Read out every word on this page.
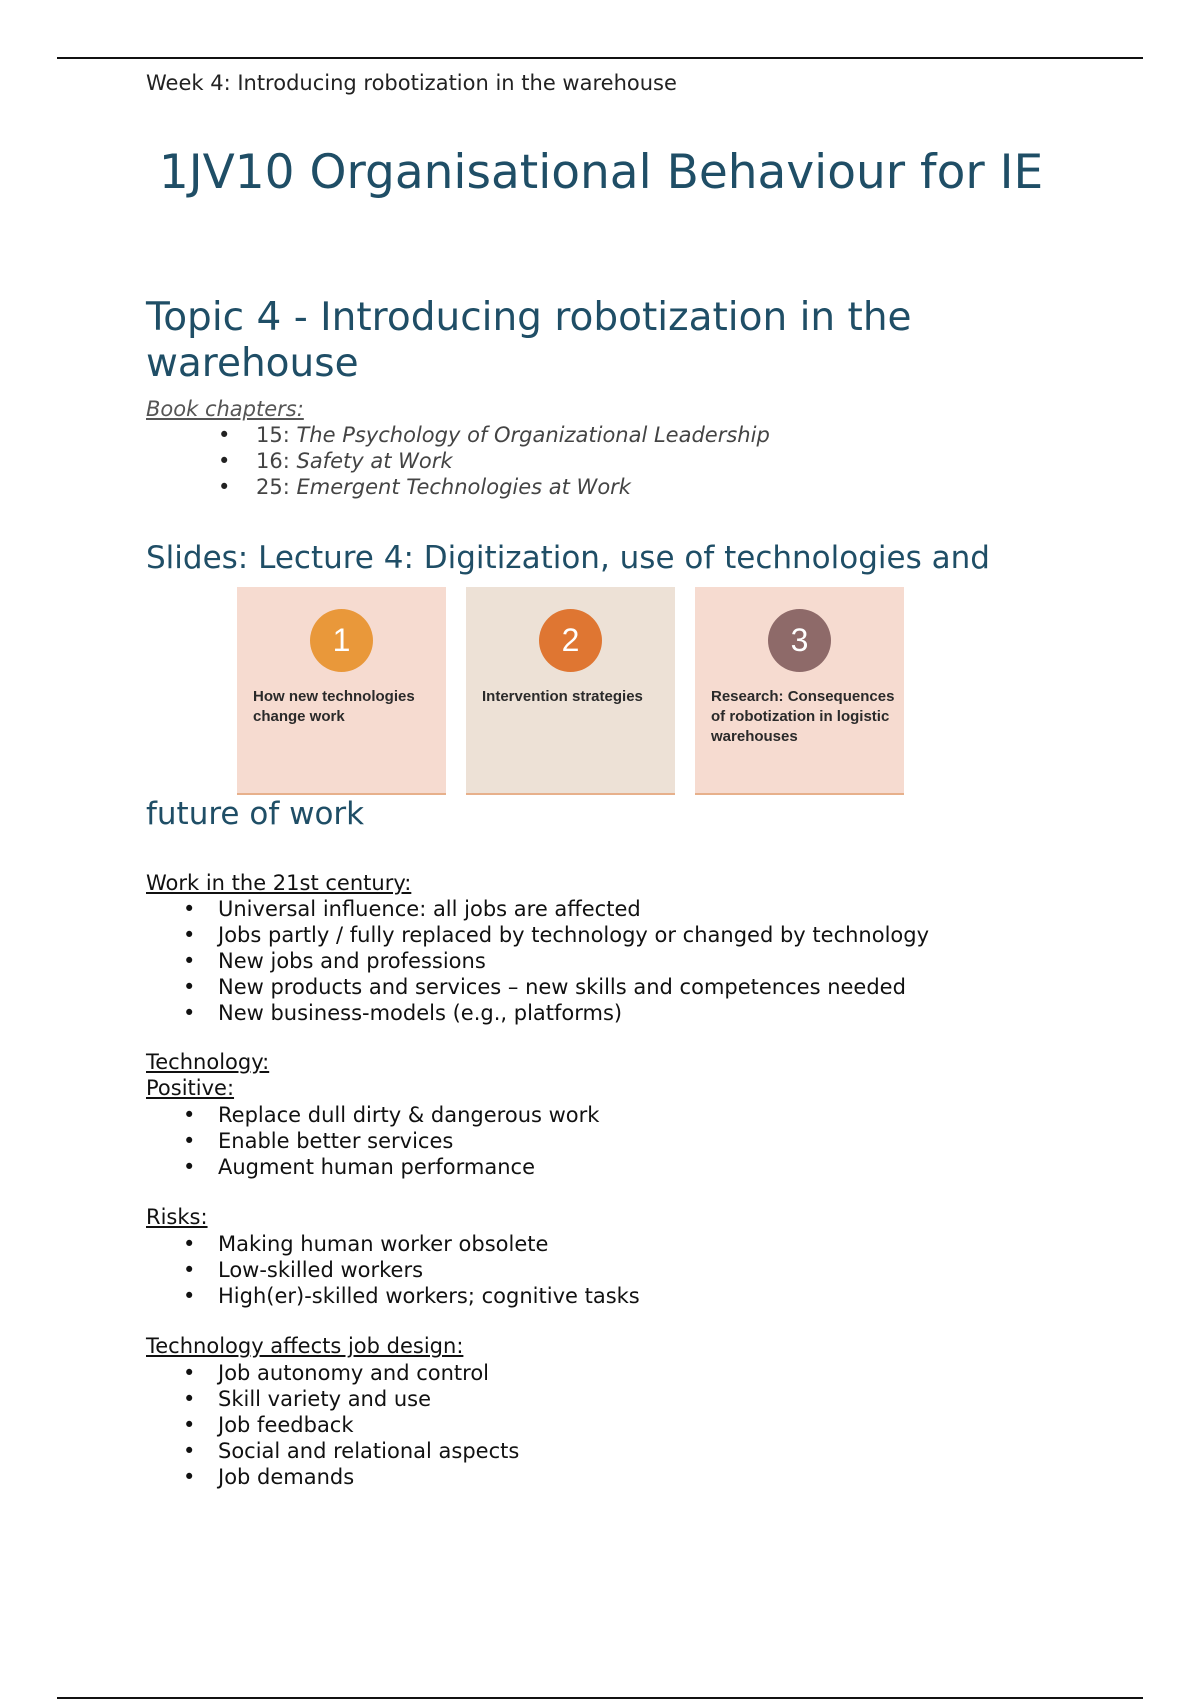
Week 4: Introducing robotization in the warehouse
1JV10 Organisational Behaviour for IE
Topic 4 - Introducing robotization in the warehouse
Book chapters:
• 15: The Psychology of Organizational Leadership
• 16: Safety at Work
• 25: Emergent Technologies at Work
Slides: Lecture 4: Digitization, use of technologies and
1
How new technologies change work
2
Intervention strategies
3
Research: Consequences of robotization in logistic warehouses
future of work
Work in the 21st century:
• Universal influence: all jobs are affected
• Jobs partly / fully replaced by technology or changed by technology
• New jobs and professions
• New products and services – new skills and competences needed
• New business-models (e.g., platforms)
Technology:
Positive:
• Replace dull dirty & dangerous work
• Enable better services
• Augment human performance
Risks:
• Making human worker obsolete
• Low-skilled workers
• High(er)-skilled workers; cognitive tasks
Technology affects job design:
• Job autonomy and control
• Skill variety and use
• Job feedback
• Social and relational aspects
• Job demands
